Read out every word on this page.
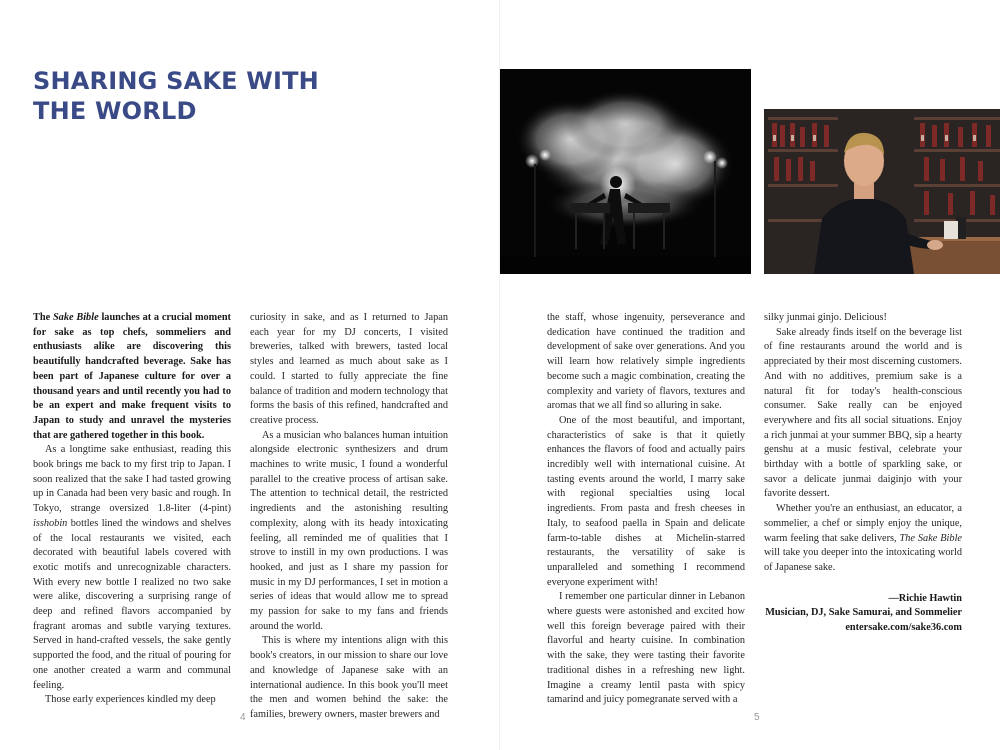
SHARING SAKE WITH
THE WORLD

The Sake Bible launches at a crucial moment for sake as top chefs, sommeliers and enthusiasts alike are discovering this beautifully handcrafted beverage. Sake has been part of Japanese culture for over a thousand years and until recently you had to be an expert and make frequent visits to Japan to study and unravel the mysteries that are gathered together in this book.

As a longtime sake enthusiast, reading this book brings me back to my first trip to Japan. I soon realized that the sake I had tasted growing up in Canada had been very basic and rough. In Tokyo, strange oversized 1.8-liter (4-pint) isshobin bottles lined the windows and shelves of the local restaurants we visited, each decorated with beautiful labels covered with exotic motifs and unrecognizable characters. With every new bottle I realized no two sake were alike, discovering a surprising range of deep and refined flavors accompanied by fragrant aromas and subtle varying textures. Served in hand-crafted vessels, the sake gently supported the food, and the ritual of pouring for one another created a warm and communal feeling.

Those early experiences kindled my deep

curiosity in sake, and as I returned to Japan each year for my DJ concerts, I visited breweries, talked with brewers, tasted local styles and learned as much about sake as I could. I started to fully appreciate the fine balance of tradition and modern technology that forms the basis of this refined, handcrafted and creative process.

As a musician who balances human intuition alongside electronic synthesizers and drum machines to write music, I found a wonderful parallel to the creative process of artisan sake. The attention to technical detail, the restricted ingredients and the astonishing resulting complexity, along with its heady intoxicating feeling, all reminded me of qualities that I strove to instill in my own productions. I was hooked, and just as I share my passion for music in my DJ performances, I set in motion a series of ideas that would allow me to spread my passion for sake to my fans and friends around the world.

This is where my intentions align with this book's creators, in our mission to share our love and knowledge of Japanese sake with an international audience. In this book you'll meet the men and women behind the sake: the families, brewery owners, master brewers and

the staff, whose ingenuity, perseverance and dedication have continued the tradition and development of sake over generations. And you will learn how relatively simple ingredients become such a magic combination, creating the complexity and variety of flavors, textures and aromas that we all find so alluring in sake.

One of the most beautiful, and important, characteristics of sake is that it quietly enhances the flavors of food and actually pairs incredibly well with international cuisine. At tasting events around the world, I marry sake with regional specialties using local ingredients. From pasta and fresh cheeses in Italy, to seafood paella in Spain and delicate farm-to-table dishes at Michelin-starred restaurants, the versatility of sake is unparalleled and something I recommend everyone experiment with!

I remember one particular dinner in Lebanon where guests were astonished and excited how well this foreign beverage paired with their flavorful and hearty cuisine. In combination with the sake, they were tasting their favorite traditional dishes in a refreshing new light. Imagine a creamy lentil pasta with spicy tamarind and juicy pomegranate served with a

silky junmai ginjo. Delicious!

Sake already finds itself on the beverage list of fine restaurants around the world and is appreciated by their most discerning customers. And with no additives, premium sake is a natural fit for today's health-conscious consumer. Sake really can be enjoyed everywhere and fits all social situations. Enjoy a rich junmai at your summer BBQ, sip a hearty genshu at a music festival, celebrate your birthday with a bottle of sparkling sake, or savor a delicate junmai daiginjo with your favorite dessert.

Whether you're an enthusiast, an educator, a sommelier, a chef or simply enjoy the unique, warm feeling that sake delivers, The Sake Bible will take you deeper into the intoxicating world of Japanese sake.

—Richie Hawtin
Musician, DJ, Sake Samurai, and Sommelier
entersake.com/sake36.com
4	5
